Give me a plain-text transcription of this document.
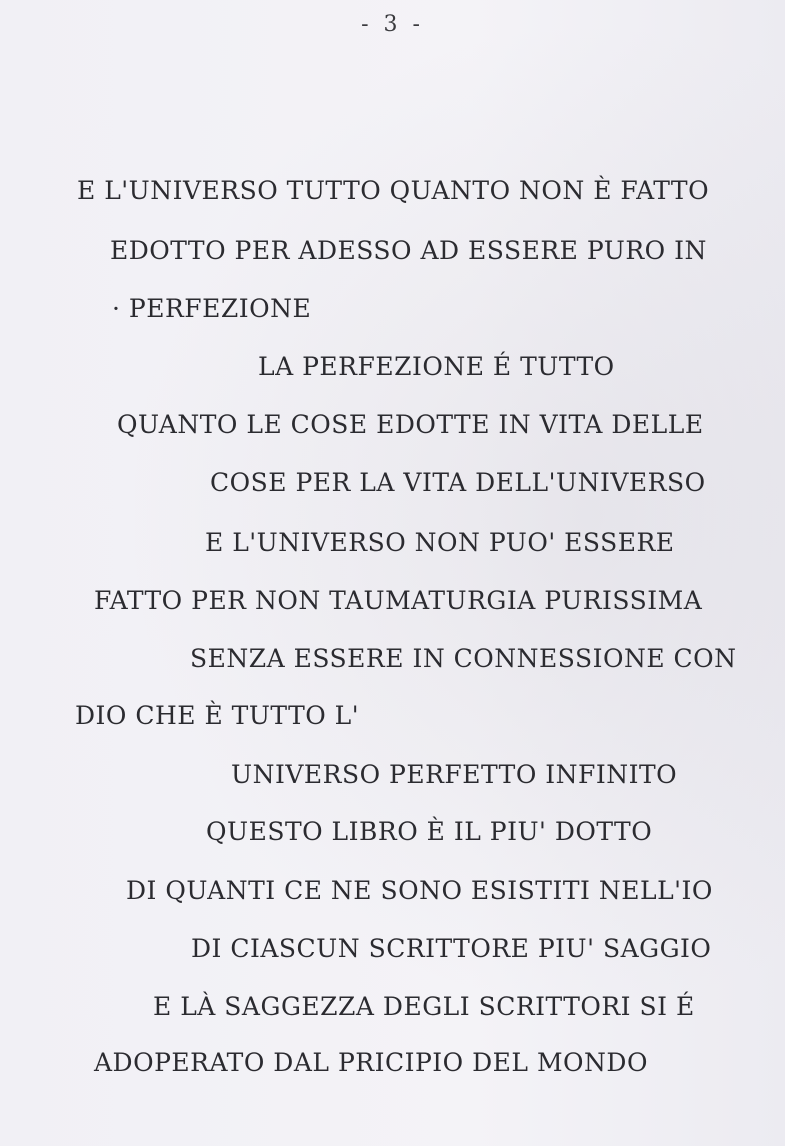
- 3 -
E L'UNIVERSO TUTTO QUANTO NON È FATTO
EDOTTO PER ADESSO AD ESSERE PURO IN
· PERFEZIONE
LA PERFEZIONE É TUTTO
QUANTO LE COSE EDOTTE IN VITA DELLE
COSE PER LA VITA DELL'UNIVERSO
E L'UNIVERSO NON PUO' ESSERE
FATTO PER NON TAUMATURGIA PURISSIMA
SENZA ESSERE IN CONNESSIONE CON
DIO CHE È TUTTO L'
UNIVERSO PERFETTO INFINITO
QUESTO LIBRO È IL PIU' DOTTO
DI QUANTI CE NE SONO ESISTITI NELL'IO
DI CIASCUN SCRITTORE PIU' SAGGIO
E LÀ SAGGEZZA DEGLI SCRITTORI SI É
ADOPERATO DAL PRICIPIO DEL MONDO
